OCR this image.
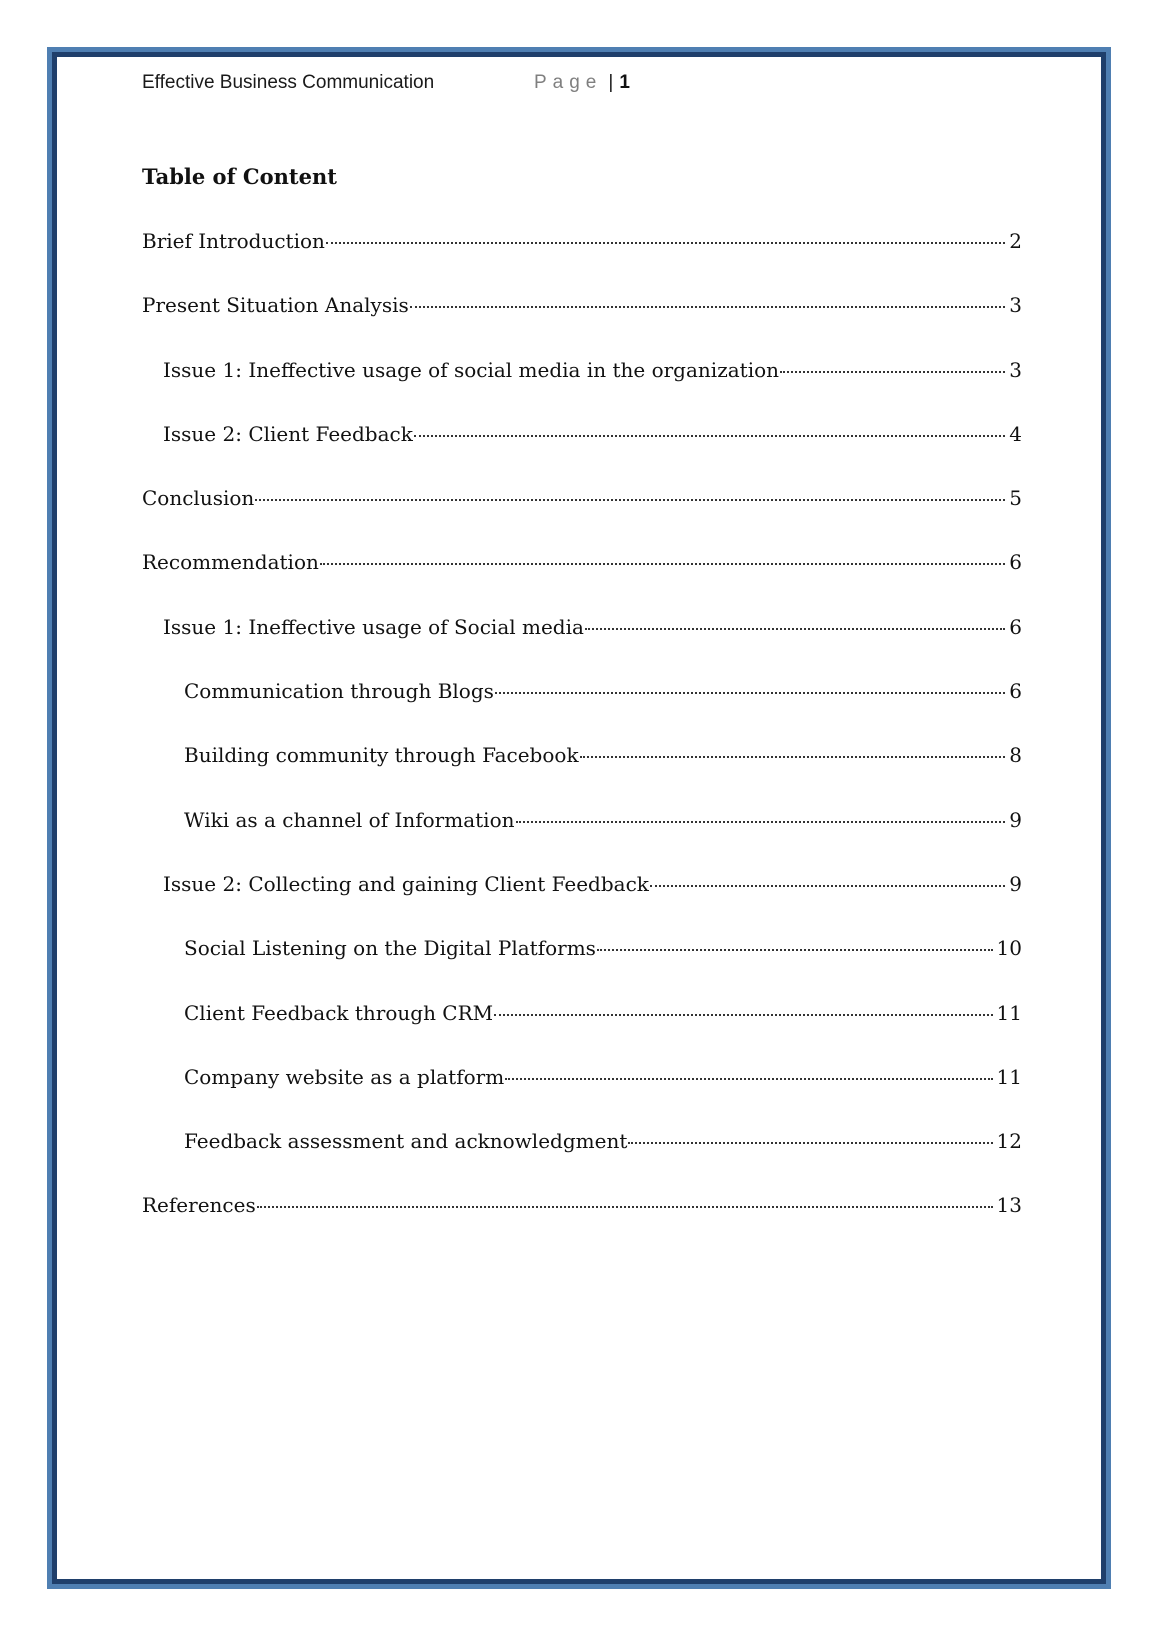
Effective Business Communication	Page | 1
Table of Content
Brief Introduction	2
Present Situation Analysis	3
Issue 1: Ineffective usage of social media in the organization	3
Issue 2: Client Feedback	4
Conclusion	5
Recommendation	6
Issue 1: Ineffective usage of Social media	6
Communication through Blogs	6
Building community through Facebook	8
Wiki as a channel of Information	9
Issue 2: Collecting and gaining Client Feedback	9
Social Listening on the Digital Platforms	10
Client Feedback through CRM	11
Company website as a platform	11
Feedback assessment and acknowledgment	12
References	13
